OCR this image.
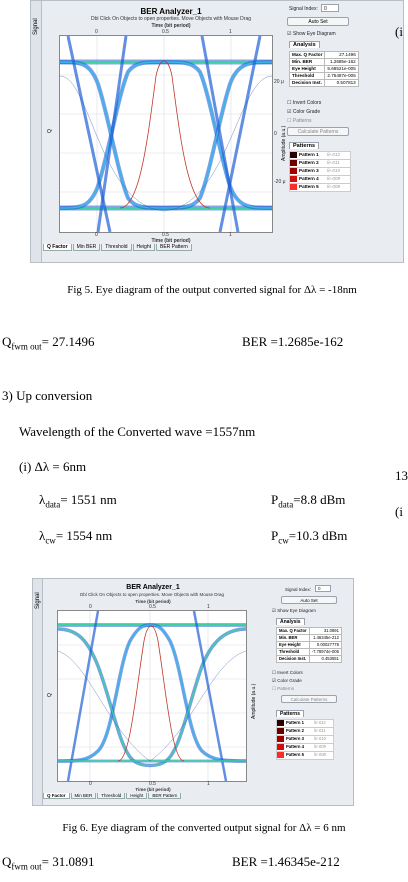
Signal
BER Analyzer_1
Dbl Click On Objects to open properties. Move Objects with Mouse Drag
Time (bit period)
0	0.5	1
Q
0	0.5	1
Time (bit period)
20 μ
0
-20 μ
Amplitude (a.u.)
Q Factor	Min BER	Threshold	Height	BER Pattern
Signal Index: 0
Auto Set
☑ Show Eye Diagram
Analysis
Max. Q Factor	27.1496
Min. BER	1.2685e-162
Eye Height	5.68521e-005
Threshold	2.75487e-005
Decision Inst.	0.507813
☐ Invert Colors
☑ Color Grade
☐ Patterns
Calculate Patterns
Patterns
Pattern 1	fe-012
Pattern 2	fe-011
Pattern 3	fe-010
Pattern 4	fe-009
Pattern 5	fe-008
(i
Fig 5. Eye diagram of the output converted signal for Δλ = -18nm
$Q_{fwm out}= 27.1496$	BER =1.2685e-162
3) Up conversion
Wavelength of the Converted wave =1557nm
(i) Δλ = 6nm
$\lambda_{data}= 1551$ nm	$P_{data}=8.8$ dBm
$\lambda_{cw}= 1554$ nm	$P_{cw}=10.3$ dBm
13
(i
Signal
BER Analyzer_1
Dbl Click On Objects to open properties. Move Objects with Mouse Drag
Time (bit period)
0	0.5	1
Q
0	0.5	1
Time (bit period)
Amplitude (a.u.)
Q Factor	Min BER	Threshold	Height	BER Pattern
Signal Index: 0
Auto Set
☑ Show Eye Diagram
Analysis
Max. Q Factor	31.0891
Min. BER	1.46345e-212
Eye Height	0.00027778
Threshold	-7.78974e-005
Decision Inst.	0.453551
☐ Invert Colors
☑ Color Grade
☐ Patterns
Calculate Patterns
Patterns
Pattern 1	fe-012
Pattern 2	fe-011
Pattern 3	fe-010
Pattern 4	fe-009
Pattern 5	fe-008
Fig 6. Eye diagram of the converted output signal for Δλ = 6 nm
$Q_{fwm out}= 31.0891$	BER =1.46345e-212
